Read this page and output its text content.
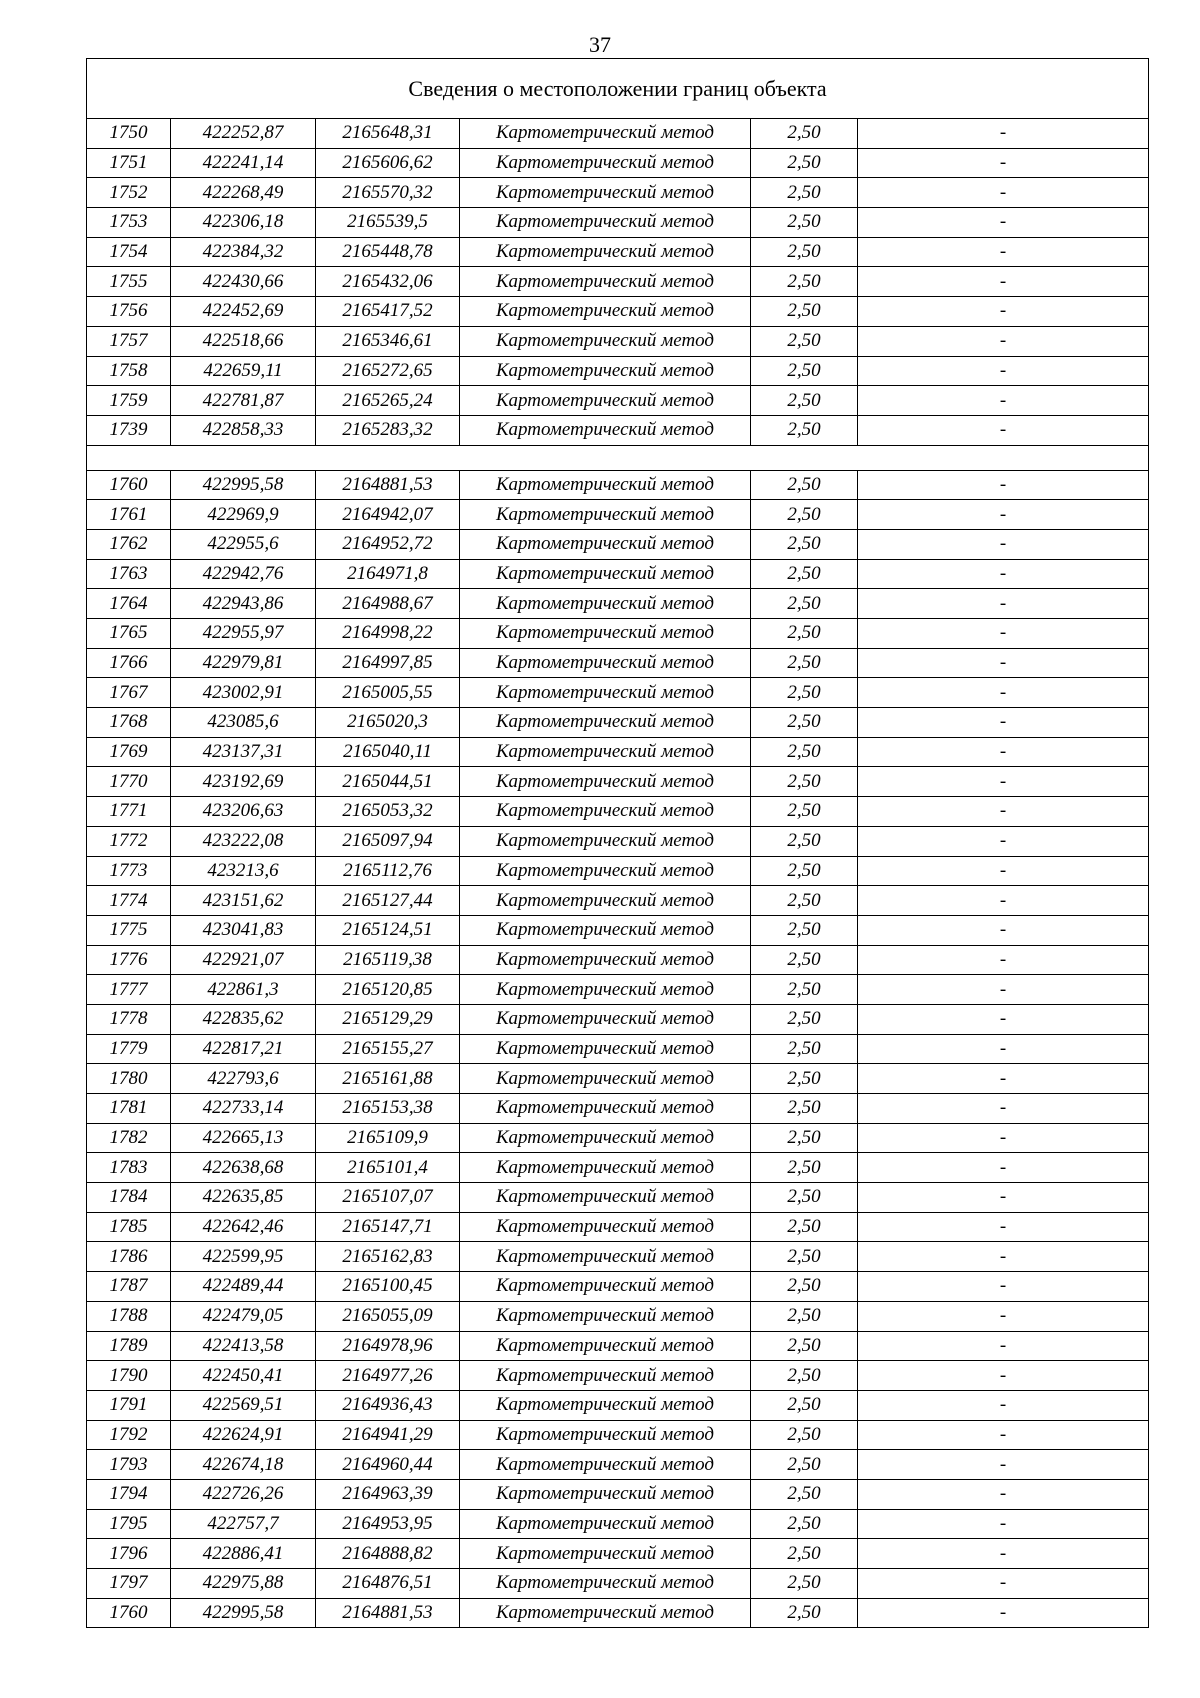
37
Сведения о местоположении границ объекта					
1750	422252,87	2165648,31	Картометрический метод	2,50	-
1751	422241,14	2165606,62	Картометрический метод	2,50	-
1752	422268,49	2165570,32	Картометрический метод	2,50	-
1753	422306,18	2165539,5	Картометрический метод	2,50	-
1754	422384,32	2165448,78	Картометрический метод	2,50	-
1755	422430,66	2165432,06	Картометрический метод	2,50	-
1756	422452,69	2165417,52	Картометрический метод	2,50	-
1757	422518,66	2165346,61	Картометрический метод	2,50	-
1758	422659,11	2165272,65	Картометрический метод	2,50	-
1759	422781,87	2165265,24	Картометрический метод	2,50	-
1739	422858,33	2165283,32	Картометрический метод	2,50	-

1760	422995,58	2164881,53	Картометрический метод	2,50	-
1761	422969,9	2164942,07	Картометрический метод	2,50	-
1762	422955,6	2164952,72	Картометрический метод	2,50	-
1763	422942,76	2164971,8	Картометрический метод	2,50	-
1764	422943,86	2164988,67	Картометрический метод	2,50	-
1765	422955,97	2164998,22	Картометрический метод	2,50	-
1766	422979,81	2164997,85	Картометрический метод	2,50	-
1767	423002,91	2165005,55	Картометрический метод	2,50	-
1768	423085,6	2165020,3	Картометрический метод	2,50	-
1769	423137,31	2165040,11	Картометрический метод	2,50	-
1770	423192,69	2165044,51	Картометрический метод	2,50	-
1771	423206,63	2165053,32	Картометрический метод	2,50	-
1772	423222,08	2165097,94	Картометрический метод	2,50	-
1773	423213,6	2165112,76	Картометрический метод	2,50	-
1774	423151,62	2165127,44	Картометрический метод	2,50	-
1775	423041,83	2165124,51	Картометрический метод	2,50	-
1776	422921,07	2165119,38	Картометрический метод	2,50	-
1777	422861,3	2165120,85	Картометрический метод	2,50	-
1778	422835,62	2165129,29	Картометрический метод	2,50	-
1779	422817,21	2165155,27	Картометрический метод	2,50	-
1780	422793,6	2165161,88	Картометрический метод	2,50	-
1781	422733,14	2165153,38	Картометрический метод	2,50	-
1782	422665,13	2165109,9	Картометрический метод	2,50	-
1783	422638,68	2165101,4	Картометрический метод	2,50	-
1784	422635,85	2165107,07	Картометрический метод	2,50	-
1785	422642,46	2165147,71	Картометрический метод	2,50	-
1786	422599,95	2165162,83	Картометрический метод	2,50	-
1787	422489,44	2165100,45	Картометрический метод	2,50	-
1788	422479,05	2165055,09	Картометрический метод	2,50	-
1789	422413,58	2164978,96	Картометрический метод	2,50	-
1790	422450,41	2164977,26	Картометрический метод	2,50	-
1791	422569,51	2164936,43	Картометрический метод	2,50	-
1792	422624,91	2164941,29	Картометрический метод	2,50	-
1793	422674,18	2164960,44	Картометрический метод	2,50	-
1794	422726,26	2164963,39	Картометрический метод	2,50	-
1795	422757,7	2164953,95	Картометрический метод	2,50	-
1796	422886,41	2164888,82	Картометрический метод	2,50	-
1797	422975,88	2164876,51	Картометрический метод	2,50	-
1760	422995,58	2164881,53	Картометрический метод	2,50	-
